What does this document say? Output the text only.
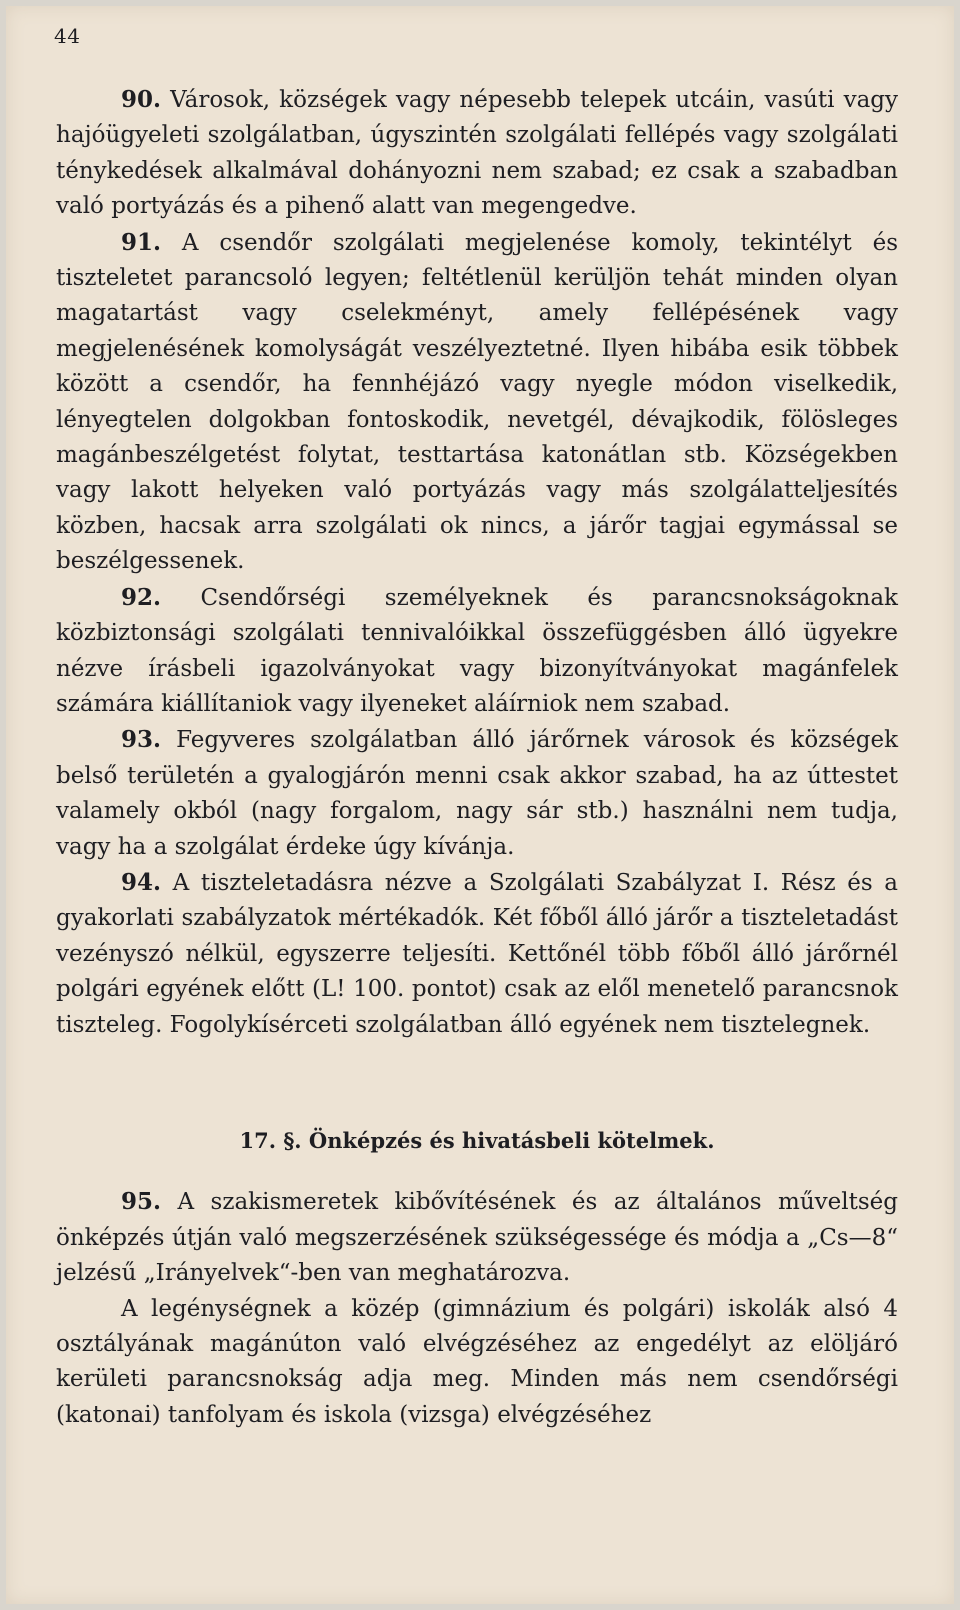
44

90. Városok, községek vagy népesebb telepek utcáin, vasúti vagy hajóügyeleti szolgálatban, úgyszintén szolgálati fellépés vagy szolgálati ténykedések alkalmával dohányozni nem szabad; ez csak a szabadban való portyázás és a pihenő alatt van megengedve.

91. A csendőr szolgálati megjelenése komoly, tekintélyt és tiszteletet parancsoló legyen; feltétlenül kerüljön tehát minden olyan magatartást vagy cselekményt, amely fellépésének vagy megjelenésének komolyságát veszélyeztetné. Ilyen hibába esik többek között a csendőr, ha fennhéjázó vagy nyegle módon viselkedik, lényegtelen dolgokban fontoskodik, nevetgél, dévajkodik, fölösleges magánbeszélgetést folytat, testtartása katonátlan stb. Községekben vagy lakott helyeken való portyázás vagy más szolgálatteljesítés közben, hacsak arra szolgálati ok nincs, a járőr tagjai egymással se beszélgessenek.

92. Csendőrségi személyeknek és parancsnokságoknak közbiztonsági szolgálati tennivalóikkal összefüggésben álló ügyekre nézve írásbeli igazolványokat vagy bizonyítványokat magánfelek számára kiállítaniok vagy ilyeneket aláírniok nem szabad.

93. Fegyveres szolgálatban álló járőrnek városok és községek belső területén a gyalogjárón menni csak akkor szabad, ha az úttestet valamely okból (nagy forgalom, nagy sár stb.) használni nem tudja, vagy ha a szolgálat érdeke úgy kívánja.

94. A tiszteletadásra nézve a Szolgálati Szabályzat I. Rész és a gyakorlati szabályzatok mértékadók. Két főből álló járőr a tiszteletadást vezényszó nélkül, egyszerre teljesíti. Kettőnél több főből álló járőrnél polgári egyének előtt (L! 100. pontot) csak az elől menetelő parancsnok tiszteleg. Fogolykísérceti szolgálatban álló egyének nem tisztelegnek.

17. §. Önképzés és hivatásbeli kötelmek.

95. A szakismeretek kibővítésének és az általános műveltség önképzés útján való megszerzésének szükségessége és módja a „Cs—8“ jelzésű „Irányelvek“-ben van meghatározva.

A legénységnek a közép (gimnázium és polgári) iskolák alsó 4 osztályának magánúton való elvégzéséhez az engedélyt az elöljáró kerületi parancsnokság adja meg. Minden más nem csendőrségi (katonai) tanfolyam és iskola (vizsga) elvégzéséhez
